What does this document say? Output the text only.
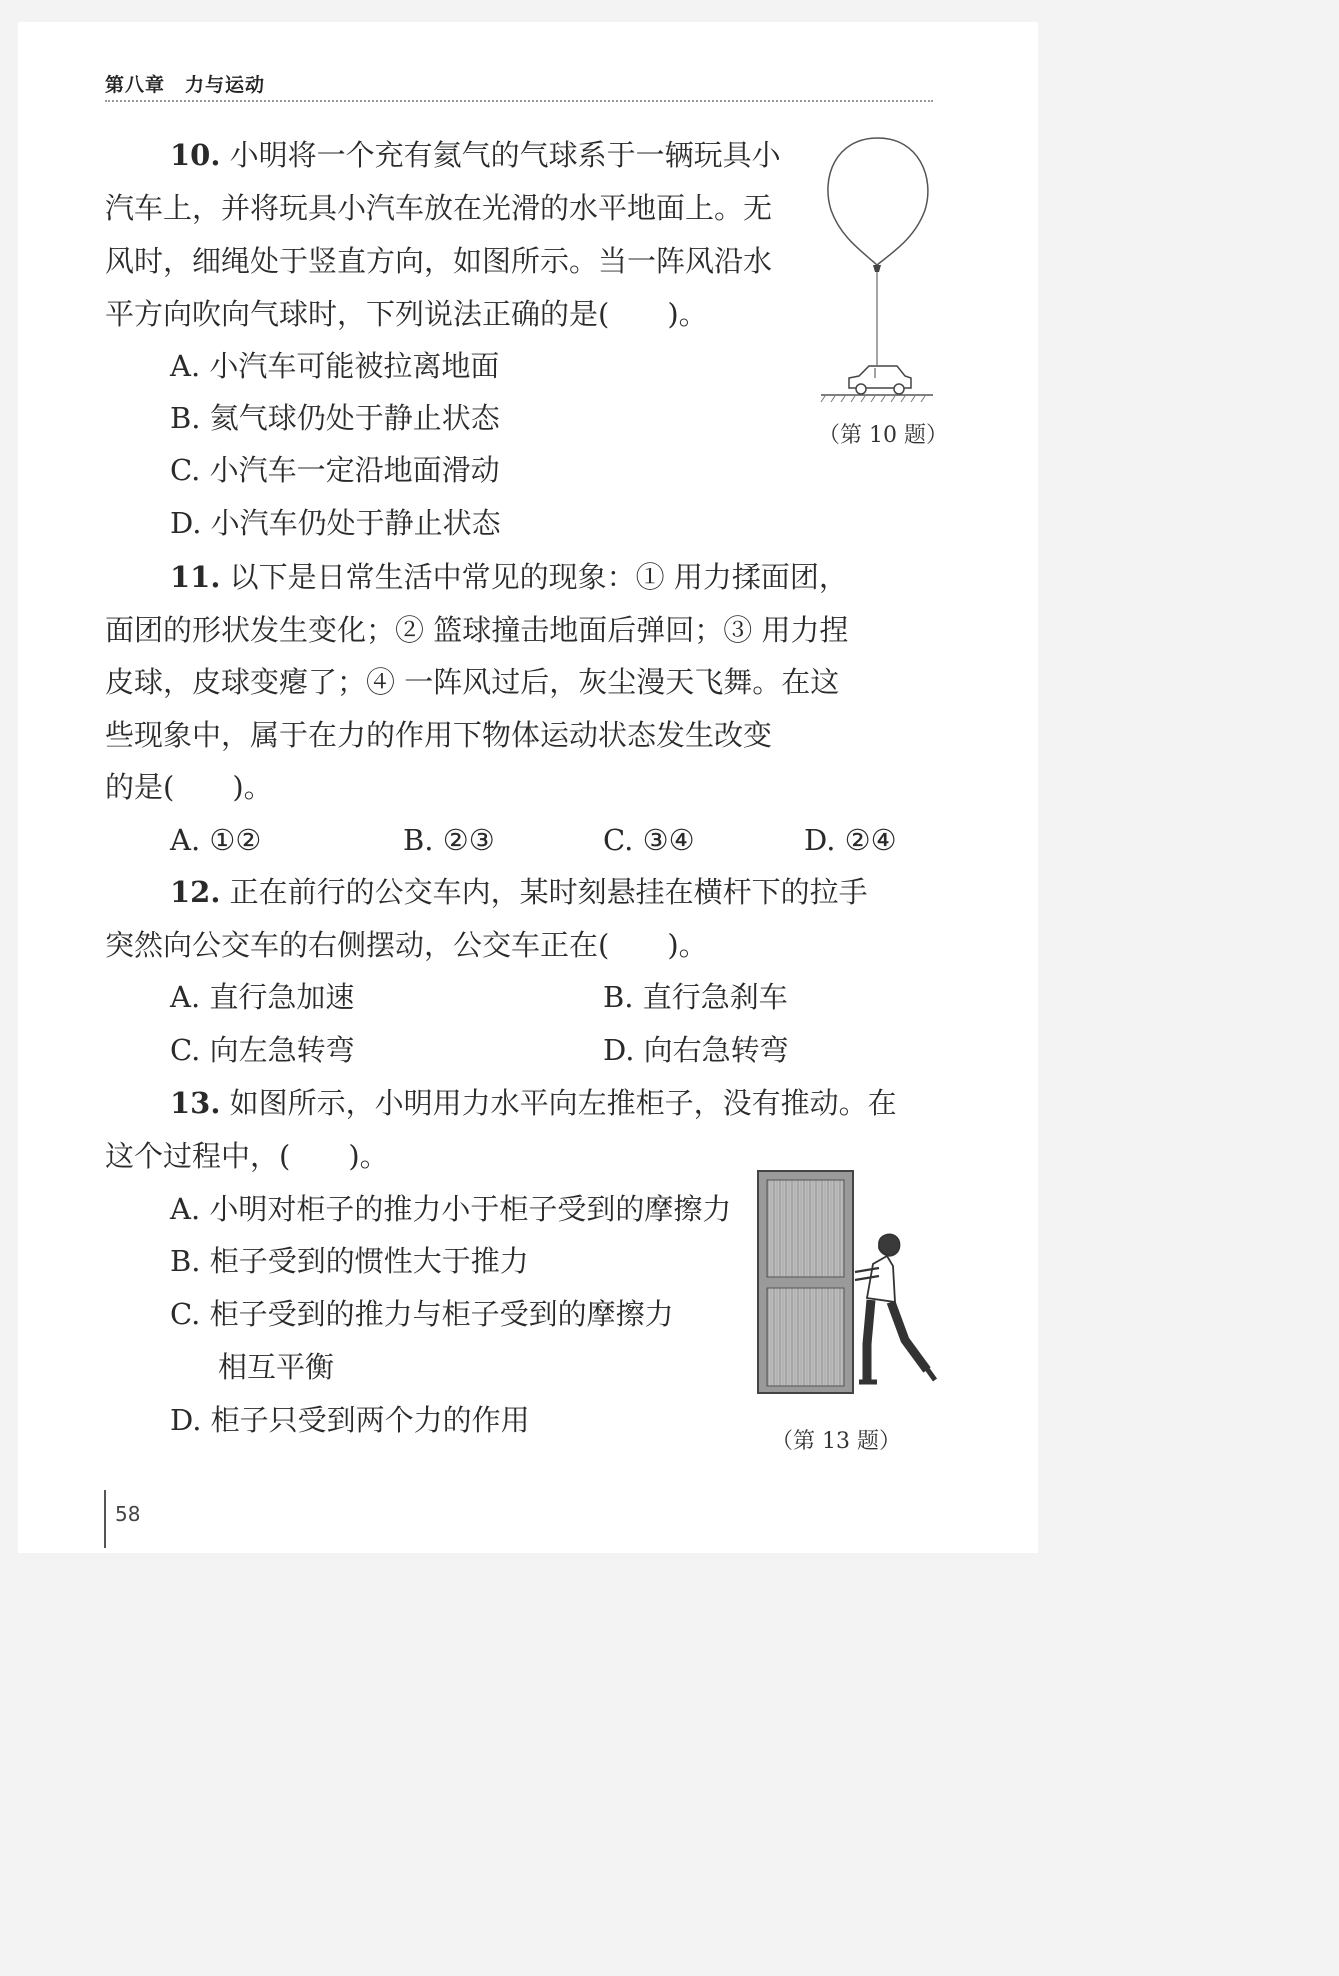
第八章　力与运动
10. 小明将一个充有氦气的气球系于一辆玩具小
汽车上，并将玩具小汽车放在光滑的水平地面上。无
风时，细绳处于竖直方向，如图所示。当一阵风沿水
平方向吹向气球时，下列说法正确的是(　　)。
A. 小汽车可能被拉离地面
B. 氦气球仍处于静止状态
C. 小汽车一定沿地面滑动
D. 小汽车仍处于静止状态
（第 10 题）
11. 以下是日常生活中常见的现象：① 用力揉面团，
面团的形状发生变化；② 篮球撞击地面后弹回；③ 用力捏
皮球，皮球变瘪了；④ 一阵风过后，灰尘漫天飞舞。在这
些现象中，属于在力的作用下物体运动状态发生改变
的是(　　)。
A. ①②	B. ②③	C. ③④	D. ②④
12. 正在前行的公交车内，某时刻悬挂在横杆下的拉手
突然向公交车的右侧摆动，公交车正在(　　)。
A. 直行急加速	B. 直行急刹车
C. 向左急转弯	D. 向右急转弯
13. 如图所示，小明用力水平向左推柜子，没有推动。在
这个过程中，(　　)。
A. 小明对柜子的推力小于柜子受到的摩擦力
B. 柜子受到的惯性大于推力
C. 柜子受到的推力与柜子受到的摩擦力
相互平衡
D. 柜子只受到两个力的作用
（第 13 题）
58
